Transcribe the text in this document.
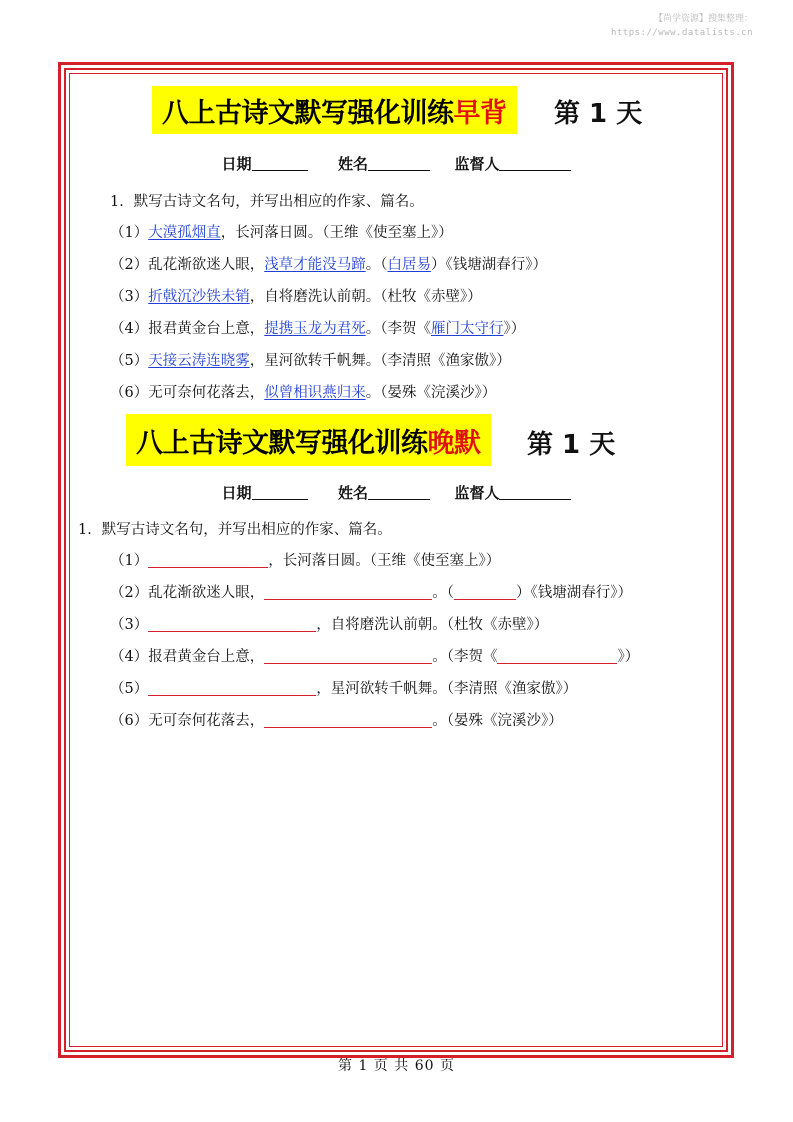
【尚学资源】搜集整理：
https://www.datalists.cn
八上古诗文默写强化训练 早背 第 1 天
日期	姓名	监督人
1．默写古诗文名句，并写出相应的作家、篇名。
（1）大漠孤烟直，长河落日圆。（王维《使至塞上》）
（2）乱花渐欲迷人眼，浅草才能没马蹄。（白居易）《钱塘湖春行》）
（3）折戟沉沙铁未销，自将磨洗认前朝。（杜牧《赤壁》）
（4）报君黄金台上意，提携玉龙为君死。（李贺《雁门太守行》）
（5）天接云涛连晓雾，星河欲转千帆舞。（李清照《渔家傲》）
（6）无可奈何花落去，似曾相识燕归来。（晏殊《浣溪沙》）
八上古诗文默写强化训练 晚默 第 1 天
日期	姓名	监督人
1．默写古诗文名句，并写出相应的作家、篇名。
（1）	，长河落日圆。（王维《使至塞上》）
（2）乱花渐欲迷人眼，	。（	）《钱塘湖春行》）
（3）	，自将磨洗认前朝。（杜牧《赤壁》）
（4）报君黄金台上意，	。（李贺《	》）
（5）	，星河欲转千帆舞。（李清照《渔家傲》）
（6）无可奈何花落去，	。（晏殊《浣溪沙》）
第 1 页 共 60 页
